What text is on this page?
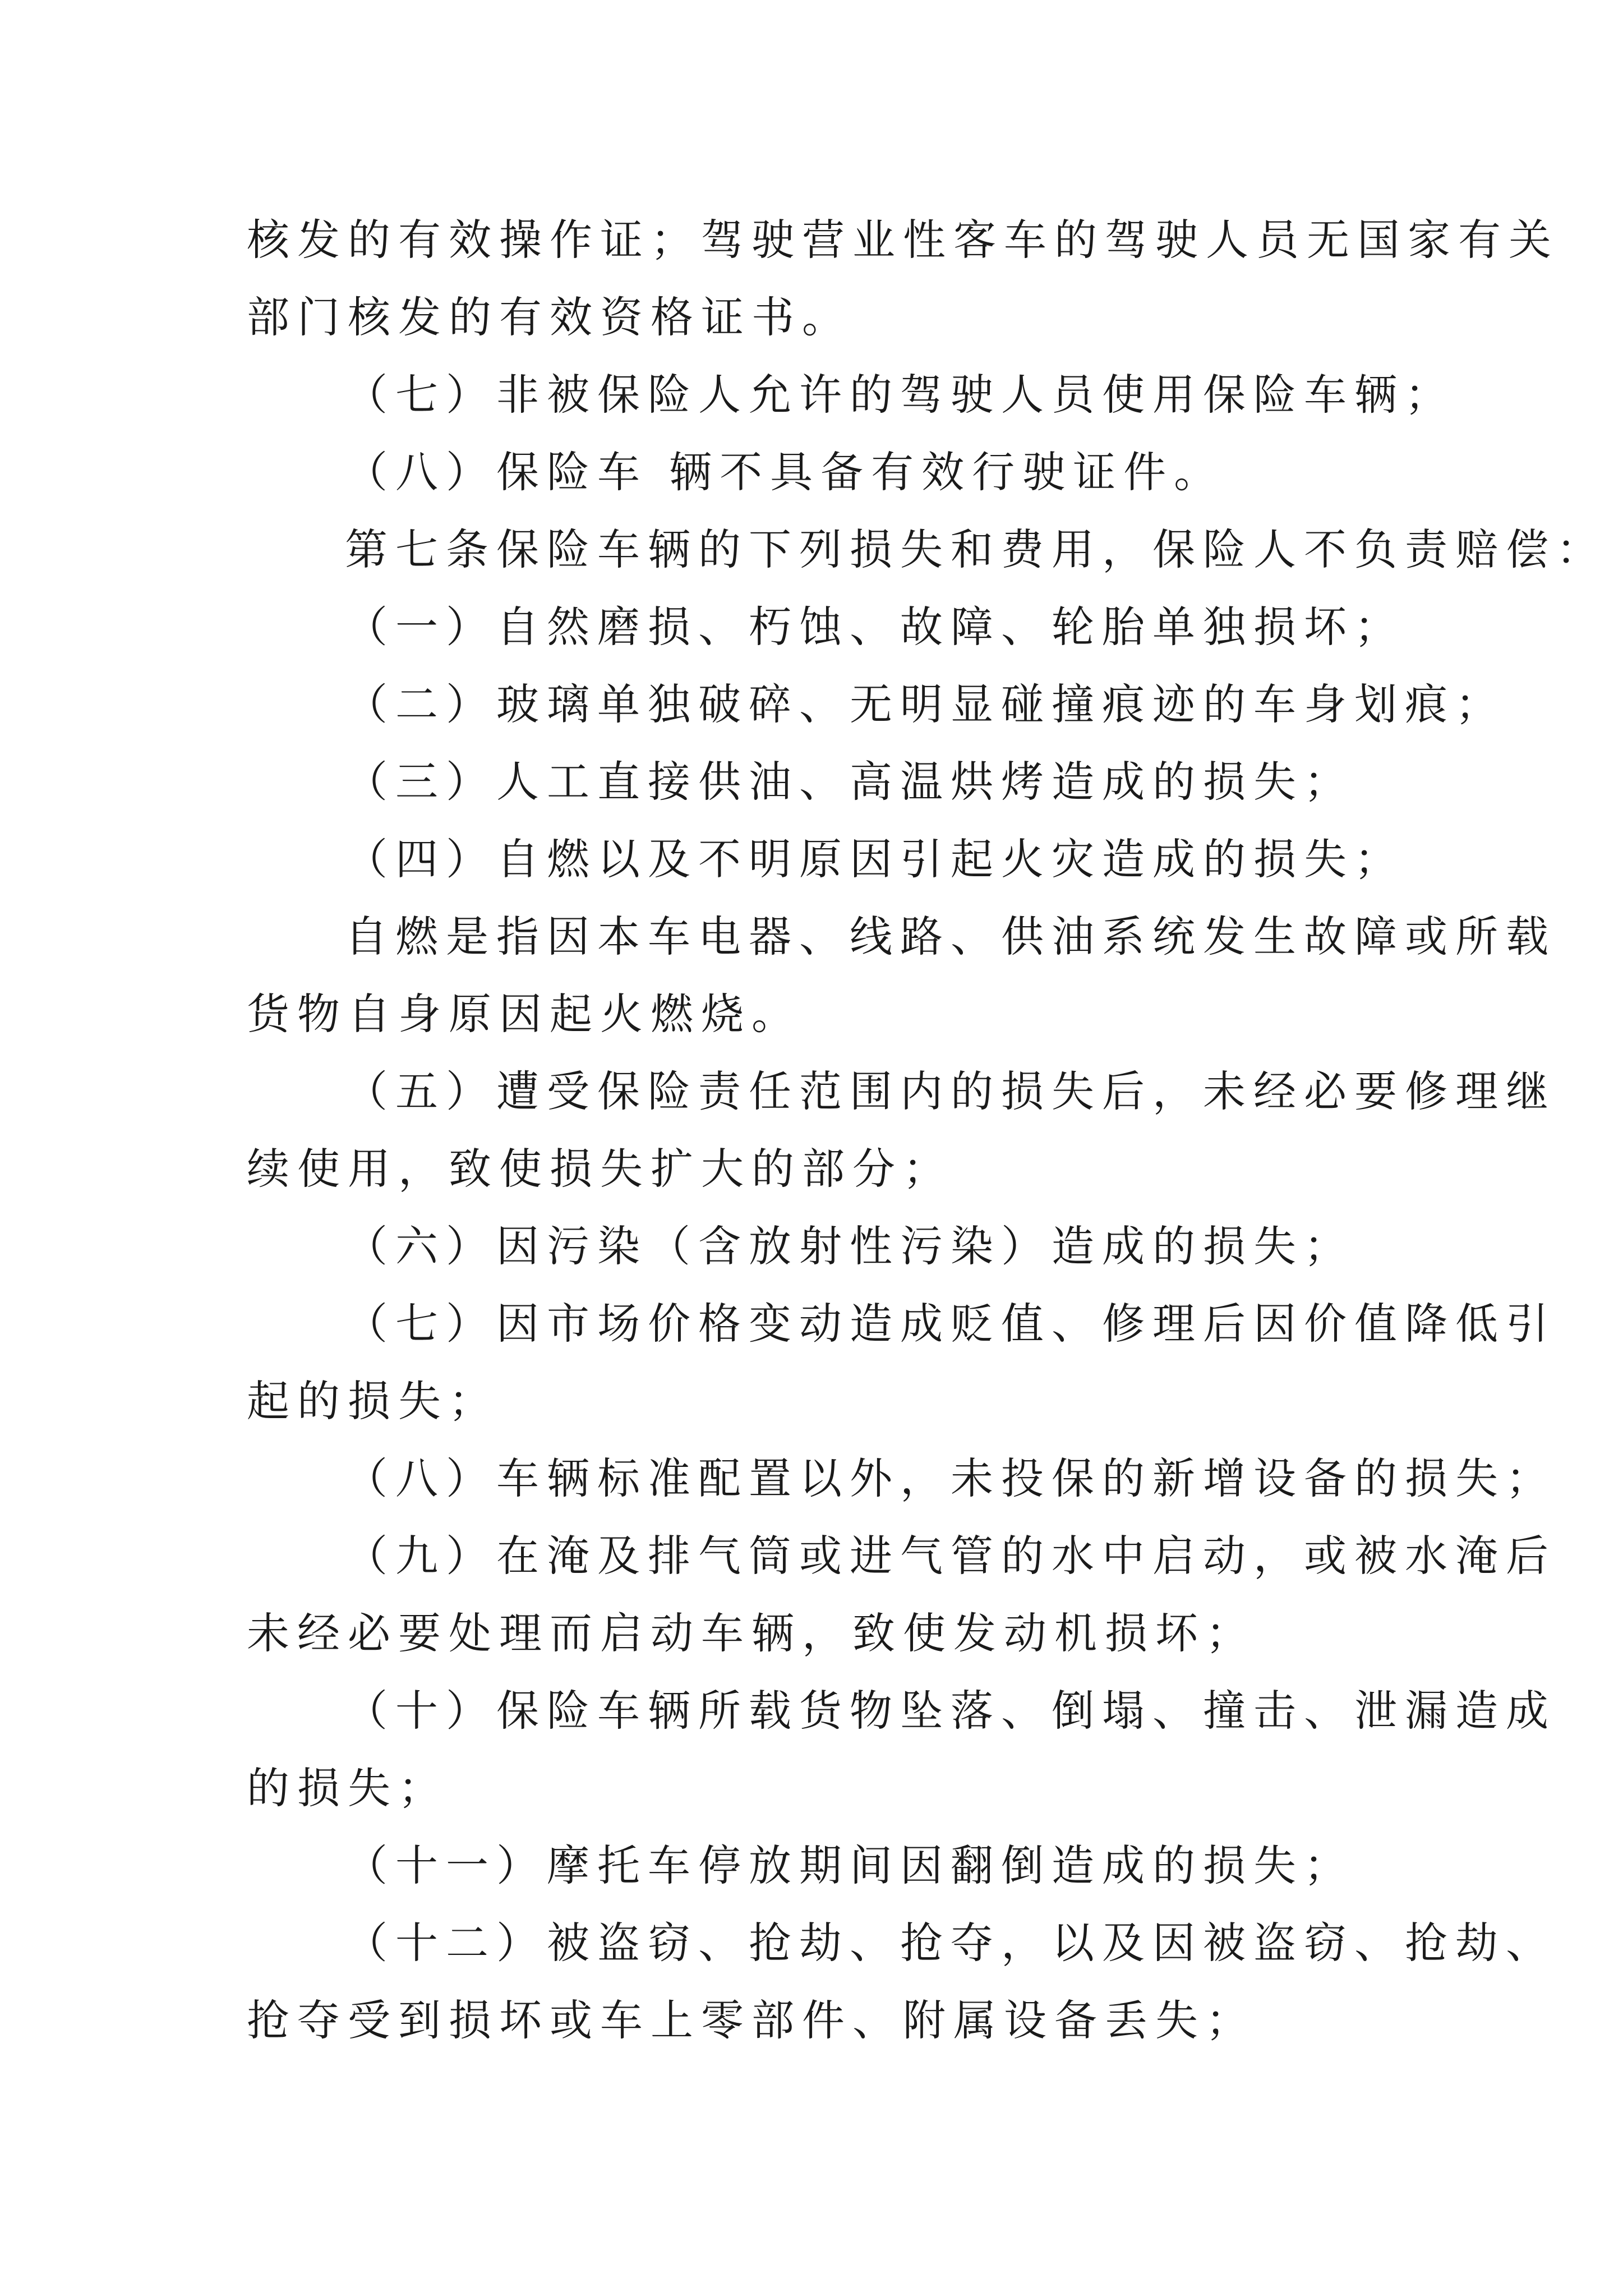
核发的有效操作证；驾驶营业性客车的驾驶人员无国家有关

部门核发的有效资格证书。

（七）非被保险人允许的驾驶人员使用保险车辆；

（八）保险车 辆不具备有效行驶证件。

第七条保险车辆的下列损失和费用，保险人不负责赔偿：

（一）自然磨损、朽蚀、故障、轮胎单独损坏；

（二）玻璃单独破碎、无明显碰撞痕迹的车身划痕；

（三）人工直接供油、高温烘烤造成的损失；

（四）自燃以及不明原因引起火灾造成的损失；

自燃是指因本车电器、线路、供油系统发生故障或所载

货物自身原因起火燃烧。

（五）遭受保险责任范围内的损失后，未经必要修理继

续使用，致使损失扩大的部分；

（六）因污染（含放射性污染）造成的损失；

（七）因市场价格变动造成贬值、修理后因价值降低引

起的损失；

（八）车辆标准配置以外，未投保的新增设备的损失；

（九）在淹及排气筒或进气管的水中启动，或被水淹后

未经必要处理而启动车辆，致使发动机损坏；

（十）保险车辆所载货物坠落、倒塌、撞击、泄漏造成

的损失；

（十一）摩托车停放期间因翻倒造成的损失；

（十二）被盗窃、抢劫、抢夺，以及因被盗窃、抢劫、

抢夺受到损坏或车上零部件、附属设备丢失；
